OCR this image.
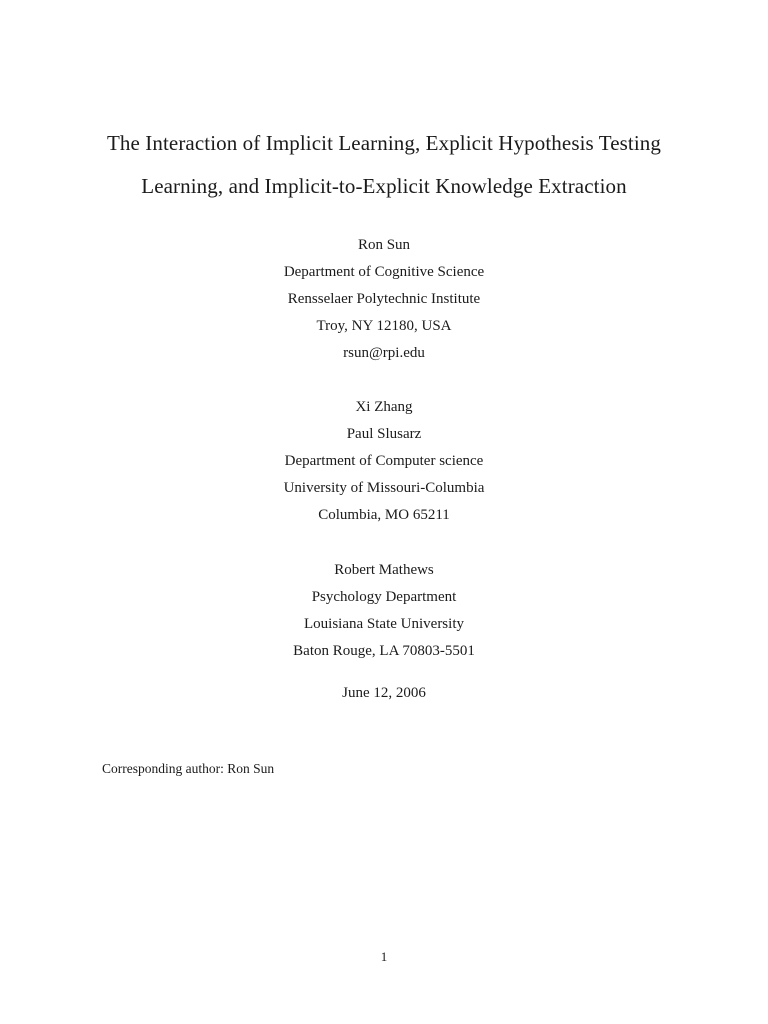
The Interaction of Implicit Learning, Explicit Hypothesis Testing
Learning, and Implicit-to-Explicit Knowledge Extraction
Ron Sun
Department of Cognitive Science
Rensselaer Polytechnic Institute
Troy, NY 12180, USA
rsun@rpi.edu
Xi Zhang
Paul Slusarz
Department of Computer science
University of Missouri-Columbia
Columbia, MO 65211
Robert Mathews
Psychology Department
Louisiana State University
Baton Rouge, LA 70803-5501
June 12, 2006
Corresponding author: Ron Sun
1
